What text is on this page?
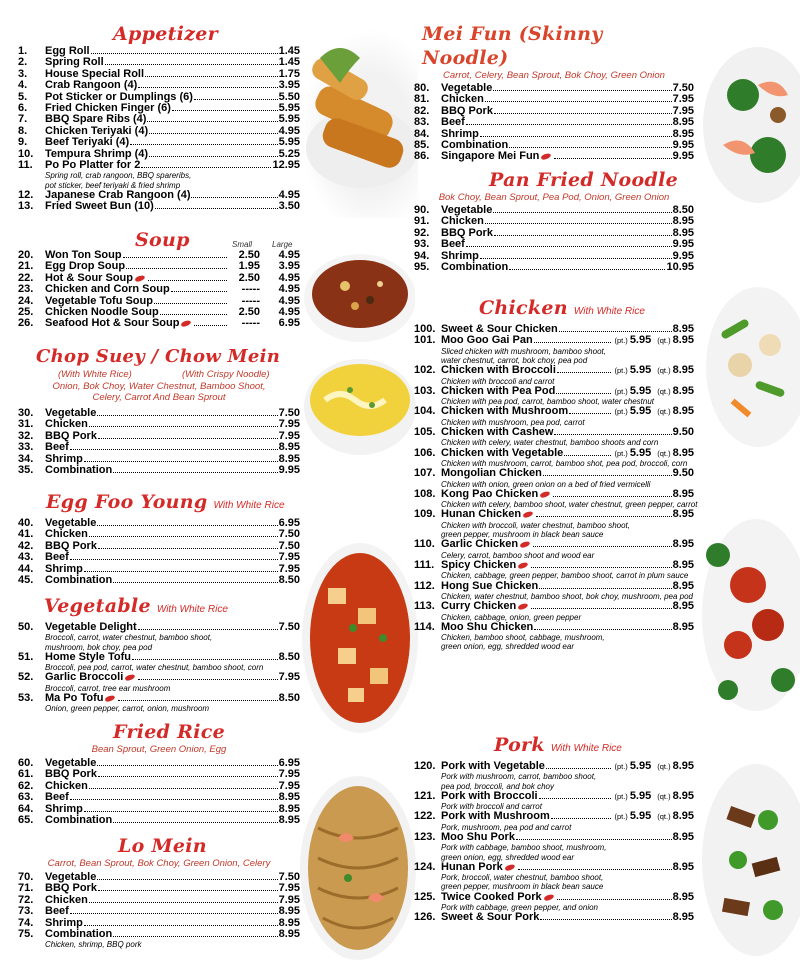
Appetizer
1.	Egg Roll	1.45
2.	Spring Roll	1.45
3.	House Special Roll	1.75
4.	Crab Rangoon (4)	3.95
5.	Pot Sticker or Dumplings (6)	5.50
6.	Fried Chicken Finger (6)	5.95
7.	BBQ Spare Ribs (4)	5.95
8.	Chicken Teriyaki (4)	4.95
9.	Beef Teriyaki (4)	5.95
10.	Tempura Shrimp (4)	5.25
11.	Po Po Platter for 2	12.95
Spring roll, crab rangoon, BBQ spareribs,
pot sticker, beef teriyaki & fried shrimp
12.	Japanese Crab Rangoon (4)	4.95
13.	Fried Sweet Bun (10)	3.50
Soup	Small Large
20.	Won Ton Soup	2.50	4.95
21.	Egg Drop Soup	1.95	3.95
22.	Hot & Sour Soup	2.50	4.95
23.	Chicken and Corn Soup	-----	4.95
24.	Vegetable Tofu Soup	-----	4.95
25.	Chicken Noodle Soup	2.50	4.95
26.	Seafood Hot & Sour Soup	-----	6.95
Chop Suey / Chow Mein
(With White Rice)	(With Crispy Noodle)
Onion, Bok Choy, Water Chestnut, Bamboo Shoot,
Celery, Carrot And Bean Sprout
30.	Vegetable	7.50
31.	Chicken	7.95
32.	BBQ Pork	7.95
33.	Beef	8.95
34.	Shrimp	8.95
35.	Combination	9.95
Egg Foo Young With White Rice
40.	Vegetable	6.95
41.	Chicken	7.50
42.	BBQ Pork	7.50
43.	Beef	7.95
44.	Shrimp	7.95
45.	Combination	8.50
Vegetable With White Rice
50.	Vegetable Delight	7.50
Broccoli, carrot, water chestnut, bamboo shoot,
mushroom, bok choy, pea pod
51.	Home Style Tofu	8.50
Broccoli, pea pod, carrot, water chestnut, bamboo shoot, corn
52.	Garlic Broccoli	7.95
Broccoli, carrot, tree ear mushroom
53.	Ma Po Tofu	8.50
Onion, green pepper, carrot, onion, mushroom
Fried Rice
Bean Sprout, Green Onion, Egg
60.	Vegetable	6.95
61.	BBQ Pork	7.95
62.	Chicken	7.95
63.	Beef	8.95
64.	Shrimp	8.95
65.	Combination	8.95
Lo Mein
Carrot, Bean Sprout, Bok Choy, Green Onion, Celery
70.	Vegetable	7.50
71.	BBQ Pork	7.95
72.	Chicken	7.95
73.	Beef	8.95
74.	Shrimp	8.95
75.	Combination	8.95
Chicken, shrimp, BBQ pork
Mei Fun (Skinny Noodle)
Carrot, Celery, Bean Sprout, Bok Choy, Green Onion
80.	Vegetable	7.50
81.	Chicken	7.95
82.	BBQ Pork	7.95
83.	Beef	8.95
84.	Shrimp	8.95
85.	Combination	9.95
86.	Singapore Mei Fun	9.95
Pan Fried Noodle
Bok Choy, Bean Sprout, Pea Pod, Onion, Green Onion
90.	Vegetable	8.50
91.	Chicken	8.95
92.	BBQ Pork	8.95
93.	Beef	9.95
94.	Shrimp	9.95
95.	Combination	10.95
Chicken With White Rice
100. Sweet & Sour Chicken	8.95
101. Moo Goo Gai Pan	(pt.) 5.95 (qt.) 8.95
Sliced chicken with mushroom, bamboo shoot,
water chestnut, carrot, bok choy, pea pod
102. Chicken with Broccoli	(pt.) 5.95 (qt.) 8.95
Chicken with broccoli and carrot
103. Chicken with Pea Pod	(pt.) 5.95 (qt.) 8.95
Chicken with pea pod, carrot, bamboo shoot, water chestnut
104. Chicken with Mushroom	(pt.) 5.95 (qt.) 8.95
Chicken with mushroom, pea pod, carrot
105. Chicken with Cashew	9.50
Chicken with celery, water chestnut, bamboo shoots and corn
106. Chicken with Vegetable	(pt.) 5.95 (qt.) 8.95
Chicken with mushroom, carrot, bamboo shot, pea pod, broccoli, corn
107. Mongolian Chicken	9.50
Chicken with onion, green onion on a bed of fried vermicelli
108. Kong Pao Chicken	8.95
Chicken with celery, bamboo shoot, water chestnut, green pepper, carrot
109. Hunan Chicken	8.95
Chicken with broccoli, water chestnut, bamboo shoot,
green pepper, mushroom in black bean sauce
110. Garlic Chicken	8.95
Celery, carrot, bamboo shoot and wood ear
111. Spicy Chicken	8.95
Chicken, cabbage, green pepper, bamboo shoot, carrot in plum sauce
112. Hong Sue Chicken	8.95
Chicken, water chestnut, bamboo shoot, bok choy, mushroom, pea pod
113. Curry Chicken	8.95
Chicken, cabbage, onion, green pepper
114. Moo Shu Chicken	8.95
Chicken, bamboo shoot, cabbage, mushroom,
green onion, egg, shredded wood ear
Pork With White Rice
120. Pork with Vegetable	(pt.) 5.95 (qt.) 8.95
Pork with mushroom, carrot, bamboo shoot,
pea pod, broccoli, and bok choy
121. Pork with Broccoli	(pt.) 5.95 (qt.) 8.95
Pork with broccoli and carrot
122. Pork with Mushroom	(pt.) 5.95 (qt.) 8.95
Pork, mushroom, pea pod and carrot
123. Moo Shu Pork	8.95
Pork with cabbage, bamboo shoot, mushroom,
green onion, egg, shredded wood ear
124. Hunan Pork	8.95
Pork, broccoli, water chestnut, bamboo shoot,
green pepper, mushroom in black bean sauce
125. Twice Cooked Pork	8.95
Pork with cabbage, green pepper, and onion
126. Sweet & Sour Pork	8.95
